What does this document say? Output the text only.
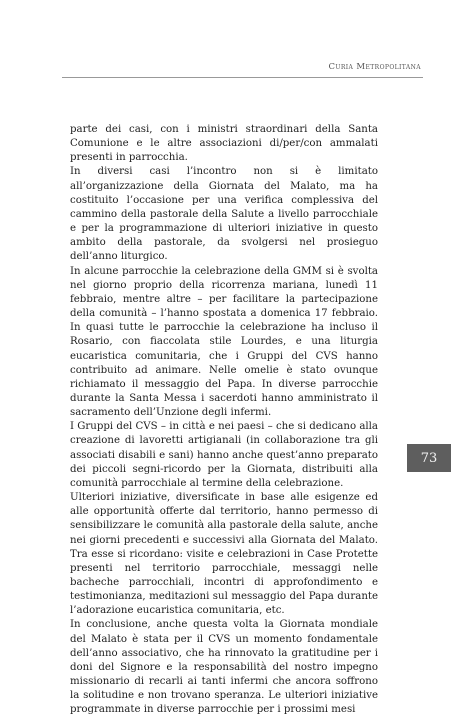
Curia Metropolitana

parte dei casi, con i ministri straordinari della Santa Comunione e le altre associazioni di/per/con ammalati presenti in parrocchia.

In diversi casi l’incontro non si è limitato all’organizzazione della Giornata del Malato, ma ha costituito l’occasione per una verifica complessiva del cammino della pastorale della Salute a livello parrocchiale e per la programmazione di ulteriori iniziative in questo ambito della pastorale, da svolgersi nel prosieguo dell’anno liturgico.

In alcune parrocchie la celebrazione della GMM si è svolta nel giorno proprio della ricorrenza mariana, lunedì 11 febbraio, mentre altre – per facilitare la partecipazione della comunità – l’hanno spostata a domenica 17 febbraio. In quasi tutte le parrocchie la celebrazione ha incluso il Rosario, con fiaccolata stile Lourdes, e una liturgia eucaristica comunitaria, che i Gruppi del CVS hanno contribuito ad animare. Nelle omelie è stato ovunque richiamato il messaggio del Papa. In diverse parrocchie durante la Santa Messa i sacerdoti hanno amministrato il sacramento dell’Unzione degli infermi.

I Gruppi del CVS – in città e nei paesi – che si dedicano alla creazione di lavoretti artigianali (in collaborazione tra gli associati disabili e sani) hanno anche quest’anno preparato dei piccoli segni-ricordo per la Giornata, distribuiti alla comunità parrocchiale al termine della celebrazione.

Ulteriori iniziative, diversificate in base alle esigenze ed alle opportunità offerte dal territorio, hanno permesso di sensibilizzare le comunità alla pastorale della salute, anche nei giorni precedenti e successivi alla Giornata del Malato. Tra esse si ricordano: visite e celebrazioni in Case Protette presenti nel territorio parrocchiale, messaggi nelle bacheche parrocchiali, incontri di approfondimento e testimonianza, meditazioni sul messaggio del Papa durante l’adorazione eucaristica comunitaria, etc.

In conclusione, anche questa volta la Giornata mondiale del Malato è stata per il CVS un momento fondamentale dell’anno associativo, che ha rinnovato la gratitudine per i doni del Signore e la responsabilità del nostro impegno missionario di recarli ai tanti infermi che ancora soffrono la solitudine e non trovano speranza. Le ulteriori iniziative programmate in diverse parrocchie per i prossimi mesi

73
